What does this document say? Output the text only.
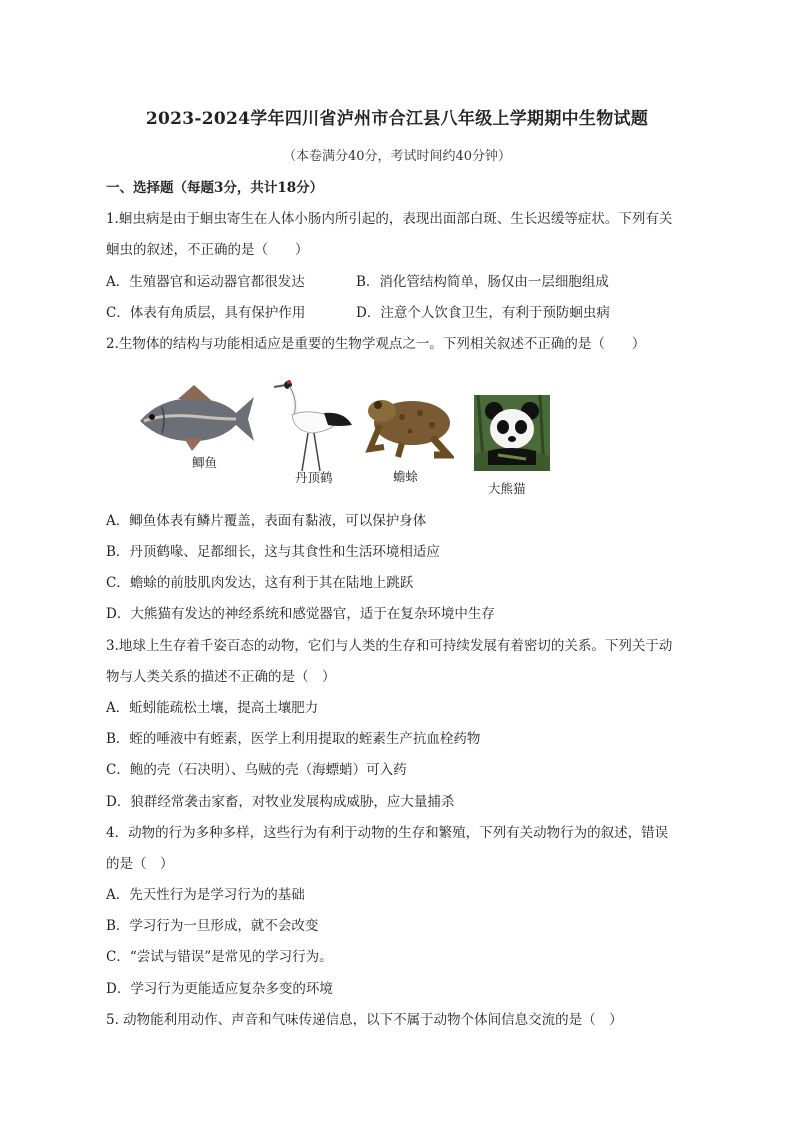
2023-2024学年四川省泸州市合江县八年级上学期期中生物试题
（本卷满分40分，考试时间约40分钟）
一、选择题（每题3分，共计18分）
1.蛔虫病是由于蛔虫寄生在人体小肠内所引起的，表现出面部白斑、生长迟缓等症状。下列有关
蛔虫的叙述，不正确的是（　　）
A．生殖器官和运动器官都很发达	B．消化管结构简单，肠仅由一层细胞组成
C．体表有角质层，具有保护作用	D．注意个人饮食卫生，有利于预防蛔虫病
2.生物体的结构与功能相适应是重要的生物学观点之一。下列相关叙述不正确的是（　　）
鲫鱼
丹顶鹤	蟾蜍
大熊猫
A．鲫鱼体表有鳞片覆盖，表面有黏液，可以保护身体
B．丹顶鹤喙、足都细长，这与其食性和生活环境相适应
C．蟾蜍的前肢肌肉发达，这有利于其在陆地上跳跃
D．大熊猫有发达的神经系统和感觉器官，适于在复杂环境中生存
3.地球上生存着千姿百态的动物，它们与人类的生存和可持续发展有着密切的关系。下列关于动
物与人类关系的描述不正确的是（　）
A．蚯蚓能疏松土壤，提高土壤肥力
B．蛭的唾液中有蛭素，医学上利用提取的蛭素生产抗血栓药物
C．鲍的壳（石决明）、乌贼的壳（海螵蛸）可入药
D．狼群经常袭击家畜，对牧业发展构成威胁，应大量捕杀
4．动物的行为多种多样，这些行为有利于动物的生存和繁殖，下列有关动物行为的叙述，错误
的是（　）
A．先天性行为是学习行为的基础
B．学习行为一旦形成，就不会改变
C．“尝试与错误”是常见的学习行为。
D．学习行为更能适应复杂多变的环境
5. 动物能利用动作、声音和气味传递信息，以下不属于动物个体间信息交流的是（　）
